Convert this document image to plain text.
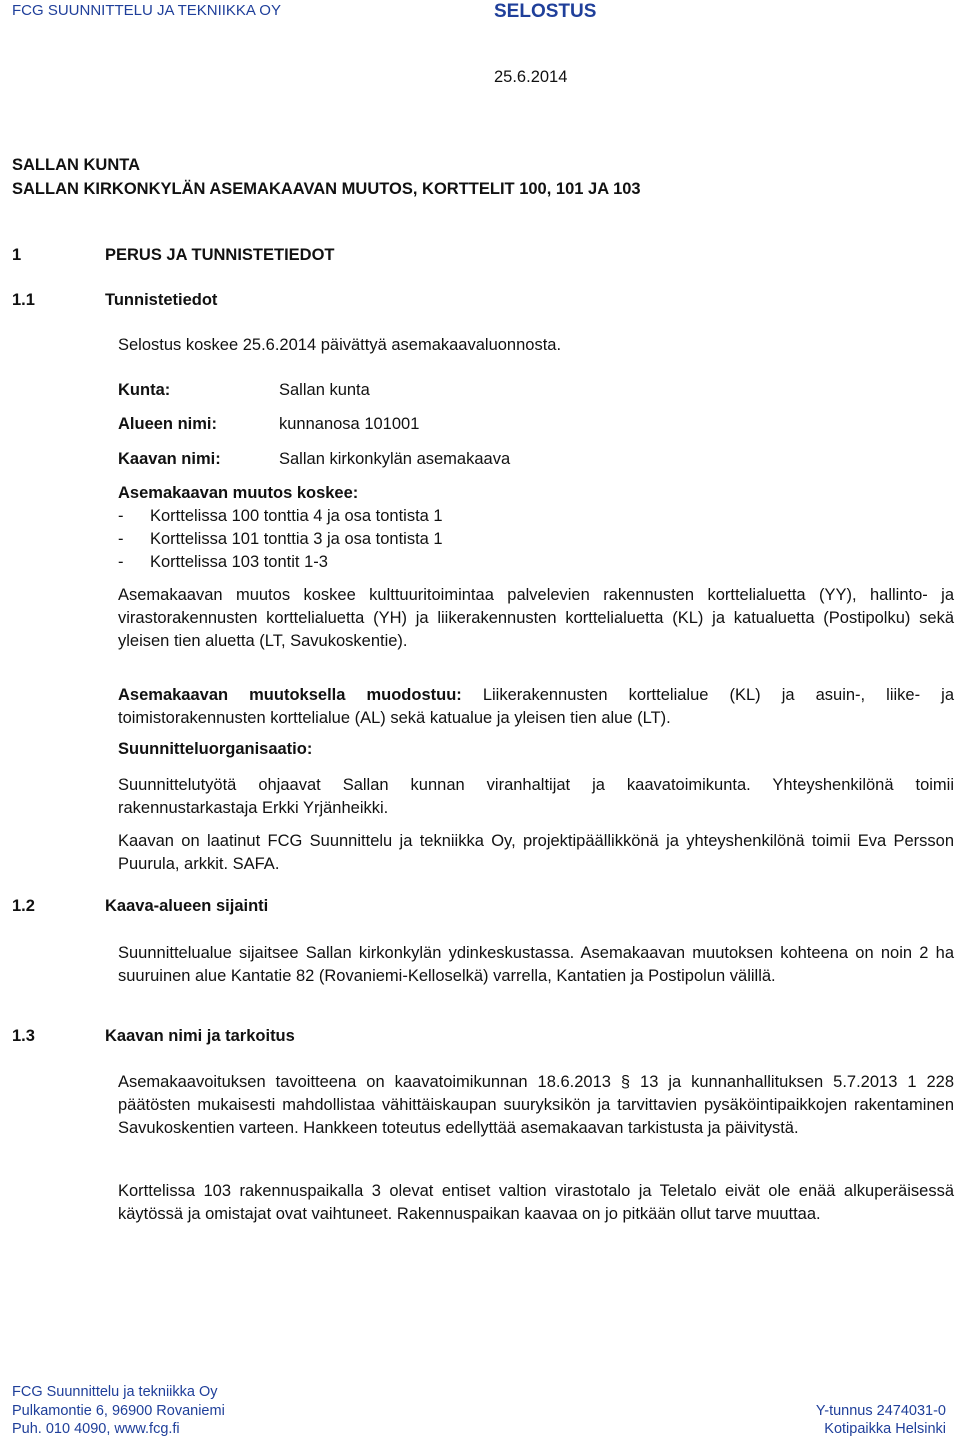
FCG SUUNNITTELU JA TEKNIIKKA OY	SELOSTUS
25.6.2014
SALLAN KUNTA
SALLAN KIRKONKYLÄN ASEMAKAAVAN MUUTOS, KORTTELIT 100, 101 JA 103
1	PERUS JA TUNNISTETIEDOT
1.1	Tunnistetiedot
Selostus koskee 25.6.2014 päivättyä asemakaavaluonnosta.
Kunta:	Sallan kunta
Alueen nimi:	kunnanosa 101001
Kaavan nimi:	Sallan kirkonkylän asemakaava
Asemakaavan muutos koskee:
- Korttelissa 100 tonttia 4 ja osa tontista 1
- Korttelissa 101 tonttia 3 ja osa tontista 1
- Korttelissa 103 tontit 1-3
Asemakaavan muutos koskee kulttuuritoimintaa palvelevien rakennusten korttelialuetta (YY), hallinto- ja virastorakennusten korttelialuetta (YH) ja liikerakennusten korttelialuetta (KL) ja katualuetta (Postipolku) sekä yleisen tien aluetta (LT, Savukoskentie).
Asemakaavan muutoksella muodostuu: Liikerakennusten korttelialue (KL) ja asuin-, liike- ja toimistorakennusten korttelialue (AL) sekä katualue ja yleisen tien alue (LT).
Suunnitteluorganisaatio:
Suunnittelutyötä ohjaavat Sallan kunnan viranhaltijat ja kaavatoimikunta. Yhteyshenkilönä toimii rakennustarkastaja Erkki Yrjänheikki.
Kaavan on laatinut FCG Suunnittelu ja tekniikka Oy, projektipäällikkönä ja yhteyshenkilönä toimii Eva Persson Puurula, arkkit. SAFA.
1.2	Kaava-alueen sijainti
Suunnittelualue sijaitsee Sallan kirkonkylän ydinkeskustassa. Asemakaavan muutoksen kohteena on noin 2 ha suuruinen alue Kantatie 82 (Rovaniemi-Kelloselkä) varrella, Kantatien ja Postipolun välillä.
1.3	Kaavan nimi ja tarkoitus
Asemakaavoituksen tavoitteena on kaavatoimikunnan 18.6.2013 § 13 ja kunnanhallituksen 5.7.2013 1 228 päätösten mukaisesti mahdollistaa vähittäiskaupan suuryksikön ja tarvittavien pysäköintipaikkojen rakentaminen Savukoskentien varteen. Hankkeen toteutus edellyttää asemakaavan tarkistusta ja päivitystä.
Korttelissa 103 rakennuspaikalla 3 olevat entiset valtion virastotalo ja Teletalo eivät ole enää alkuperäisessä käytössä ja omistajat ovat vaihtuneet. Rakennuspaikan kaavaa on jo pitkään ollut tarve muuttaa.
FCG Suunnittelu ja tekniikka Oy
Pulkamontie 6, 96900 Rovaniemi
Puh. 010 4090, www.fcg.fi
Y-tunnus 2474031-0
Kotipaikka Helsinki
